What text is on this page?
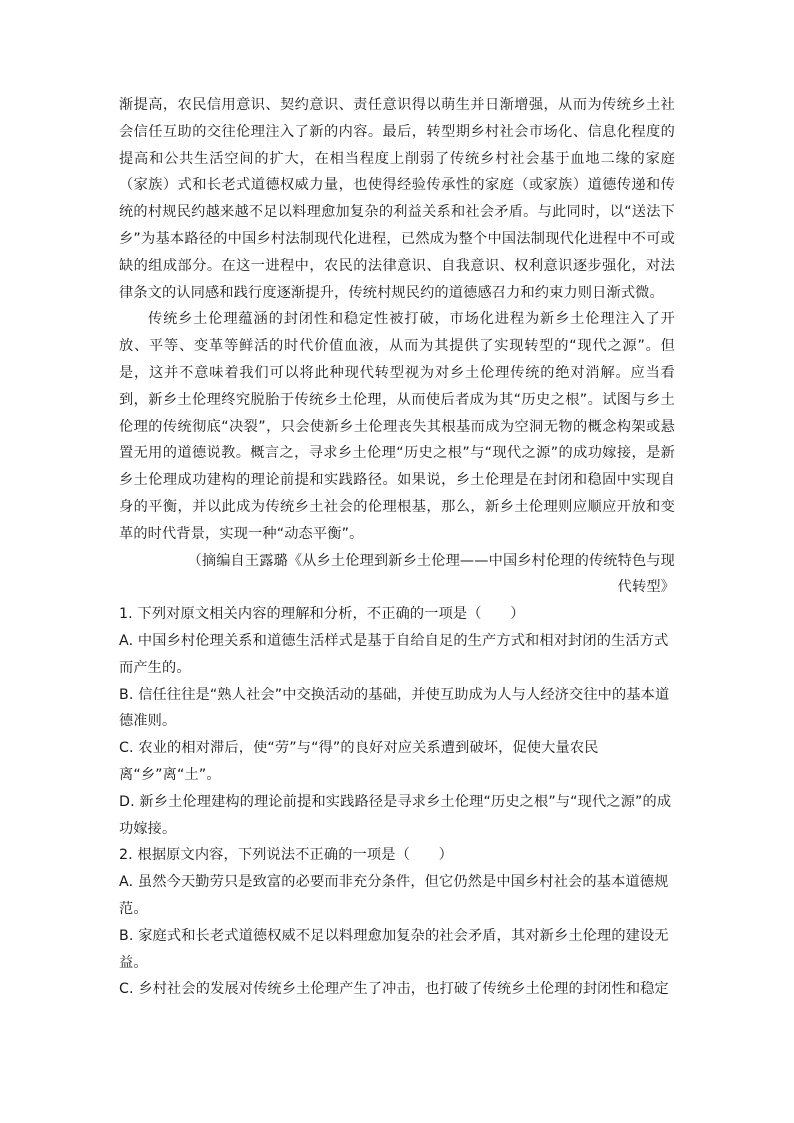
渐提高，农民信用意识、契约意识、责任意识得以萌生并日渐增强，从而为传统乡土社会信任互助的交往伦理注入了新的内容。最后，转型期乡村社会市场化、信息化程度的提高和公共生活空间的扩大，在相当程度上削弱了传统乡村社会基于血地二缘的家庭（家族）式和长老式道德权威力量，也使得经验传承性的家庭（或家族）道德传递和传统的村规民约越来越不足以料理愈加复杂的利益关系和社会矛盾。与此同时，以“送法下乡”为基本路径的中国乡村法制现代化进程，已然成为整个中国法制现代化进程中不可或缺的组成部分。在这一进程中，农民的法律意识、自我意识、权利意识逐步强化，对法律条文的认同感和践行度逐渐提升，传统村规民约的道德感召力和约束力则日渐式微。

传统乡土伦理蕴涵的封闭性和稳定性被打破，市场化进程为新乡土伦理注入了开放、平等、变革等鲜活的时代价值血液，从而为其提供了实现转型的“现代之源”。但是，这并不意味着我们可以将此种现代转型视为对乡土伦理传统的绝对消解。应当看到，新乡土伦理终究脱胎于传统乡土伦理，从而使后者成为其“历史之根”。试图与乡土伦理的传统彻底“决裂”，只会使新乡土伦理丧失其根基而成为空洞无物的概念构架或悬置无用的道德说教。概言之，寻求乡土伦理“历史之根”与“现代之源”的成功嫁接，是新乡土伦理成功建构的理论前提和实践路径。如果说，乡土伦理是在封闭和稳固中实现自身的平衡，并以此成为传统乡土社会的伦理根基，那么，新乡土伦理则应顺应开放和变革的时代背景，实现一种“动态平衡”。

（摘编自王露璐《从乡土伦理到新乡土伦理——中国乡村伦理的传统特色与现代转型》

1. 下列对原文相关内容的理解和分析，不正确的一项是（　　）

A. 中国乡村伦理关系和道德生活样式是基于自给自足的生产方式和相对封闭的生活方式而产生的。

B. 信任往往是“熟人社会”中交换活动的基础，并使互助成为人与人经济交往中的基本道德准则。

C. 农业的相对滞后，使“劳”与“得”的良好对应关系遭到破坏，促使大量农民离“乡”离“土”。

D. 新乡土伦理建构的理论前提和实践路径是寻求乡土伦理“历史之根”与“现代之源”的成功嫁接。

2. 根据原文内容，下列说法不正确的一项是（　　）

A. 虽然今天勤劳只是致富的必要而非充分条件，但它仍然是中国乡村社会的基本道德规范。

B. 家庭式和长老式道德权威不足以料理愈加复杂的社会矛盾，其对新乡土伦理的建设无益。

C. 乡村社会的发展对传统乡土伦理产生了冲击，也打破了传统乡土伦理的封闭性和稳定
